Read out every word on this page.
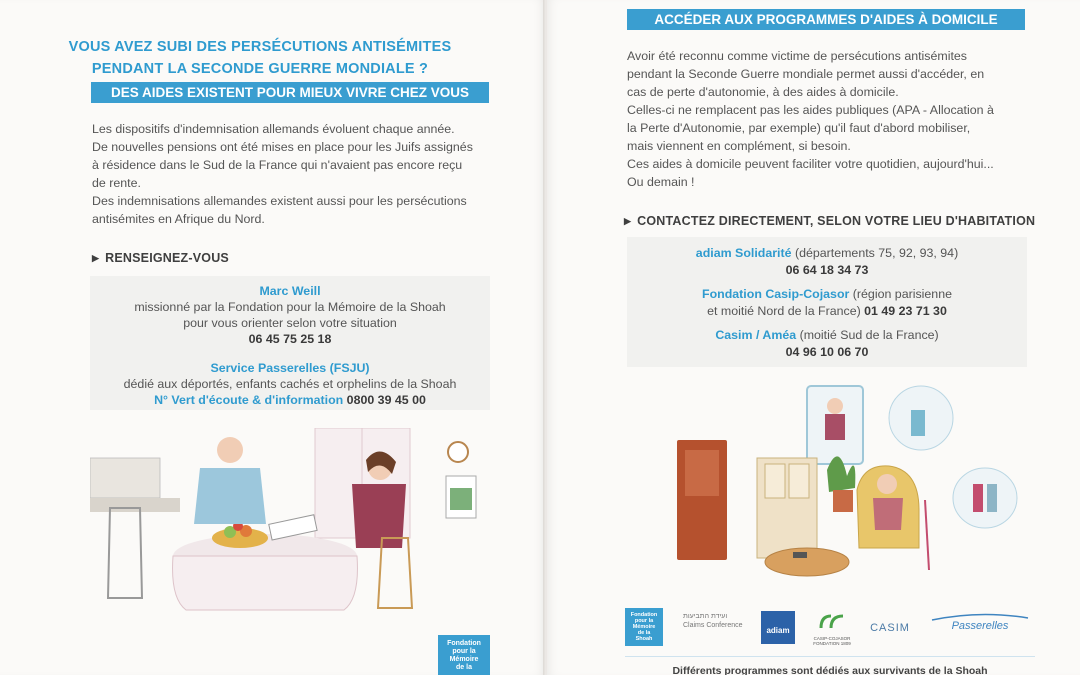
VOUS AVEZ SUBI DES PERSÉCUTIONS ANTISÉMITES
PENDANT LA SECONDE GUERRE MONDIALE ?
DES AIDES EXISTENT POUR MIEUX VIVRE CHEZ VOUS
Les dispositifs d'indemnisation allemands évoluent chaque année.
De nouvelles pensions ont été mises en place pour les Juifs assignés
à résidence dans le Sud de la France qui n'avaient pas encore reçu
de rente.
Des indemnisations allemandes existent aussi pour les persécutions
antisémites en Afrique du Nord.
▶ RENSEIGNEZ-VOUS
Marc Weill
missionné par la Fondation pour la Mémoire de la Shoah
pour vous orienter selon votre situation
06 45 75 25 18
Service Passerelles (FSJU)
dédié aux déportés, enfants cachés et orphelins de la Shoah
N° Vert d'écoute & d'information 0800 39 45 00
Fondation
pour la
Mémoire
de la
ACCÉDER AUX PROGRAMMES D'AIDES À DOMICILE
Avoir été reconnu comme victime de persécutions antisémites
pendant la Seconde Guerre mondiale permet aussi d'accéder, en
cas de perte d'autonomie, à des aides à domicile.
Celles-ci ne remplacent pas les aides publiques (APA - Allocation à
la Perte d'Autonomie, par exemple) qu'il faut d'abord mobiliser,
mais viennent en complément, si besoin.
Ces aides à domicile peuvent faciliter votre quotidien, aujourd'hui...
Ou demain !
▶ CONTACTEZ DIRECTEMENT, SELON VOTRE LIEU D'HABITATION
adiam Solidarité (départements 75, 92, 93, 94)
06 64 18 34 73
Fondation Casip-Cojasor (région parisienne
et moitié Nord de la France) 01 49 23 71 30
Casim / Améa (moitié Sud de la France)
04 96 10 06 70
Fondation
pour la
Mémoire
de la
Shoah
ועידת התביעות
Claims Conference
adiam
CASIP-COJASOR
FONDATION 1809
CASIM	Passerelles
Différents programmes sont dédiés aux survivants de la Shoah
